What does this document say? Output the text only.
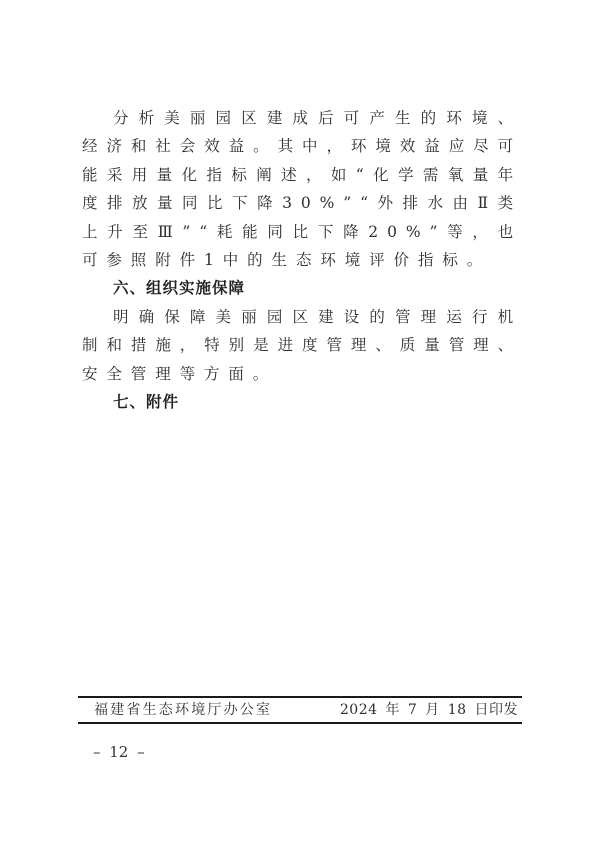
分析美丽园区建成后可产生的环境、经济和社会效益。其中，环境效益应尽可能采用量化指标阐述，如“化学需氧量年度排放量同比下降30%”“外排水由Ⅱ类上升至Ⅲ”“耗能同比下降20%”等，也可参照附件1中的生态环境评价指标。

六、组织实施保障

明确保障美丽园区建设的管理运行机制和措施，特别是进度管理、质量管理、安全管理等方面。

七、附件

福建省生态环境厅办公室	2024 年 7 月 18 日印发
– 12 –
